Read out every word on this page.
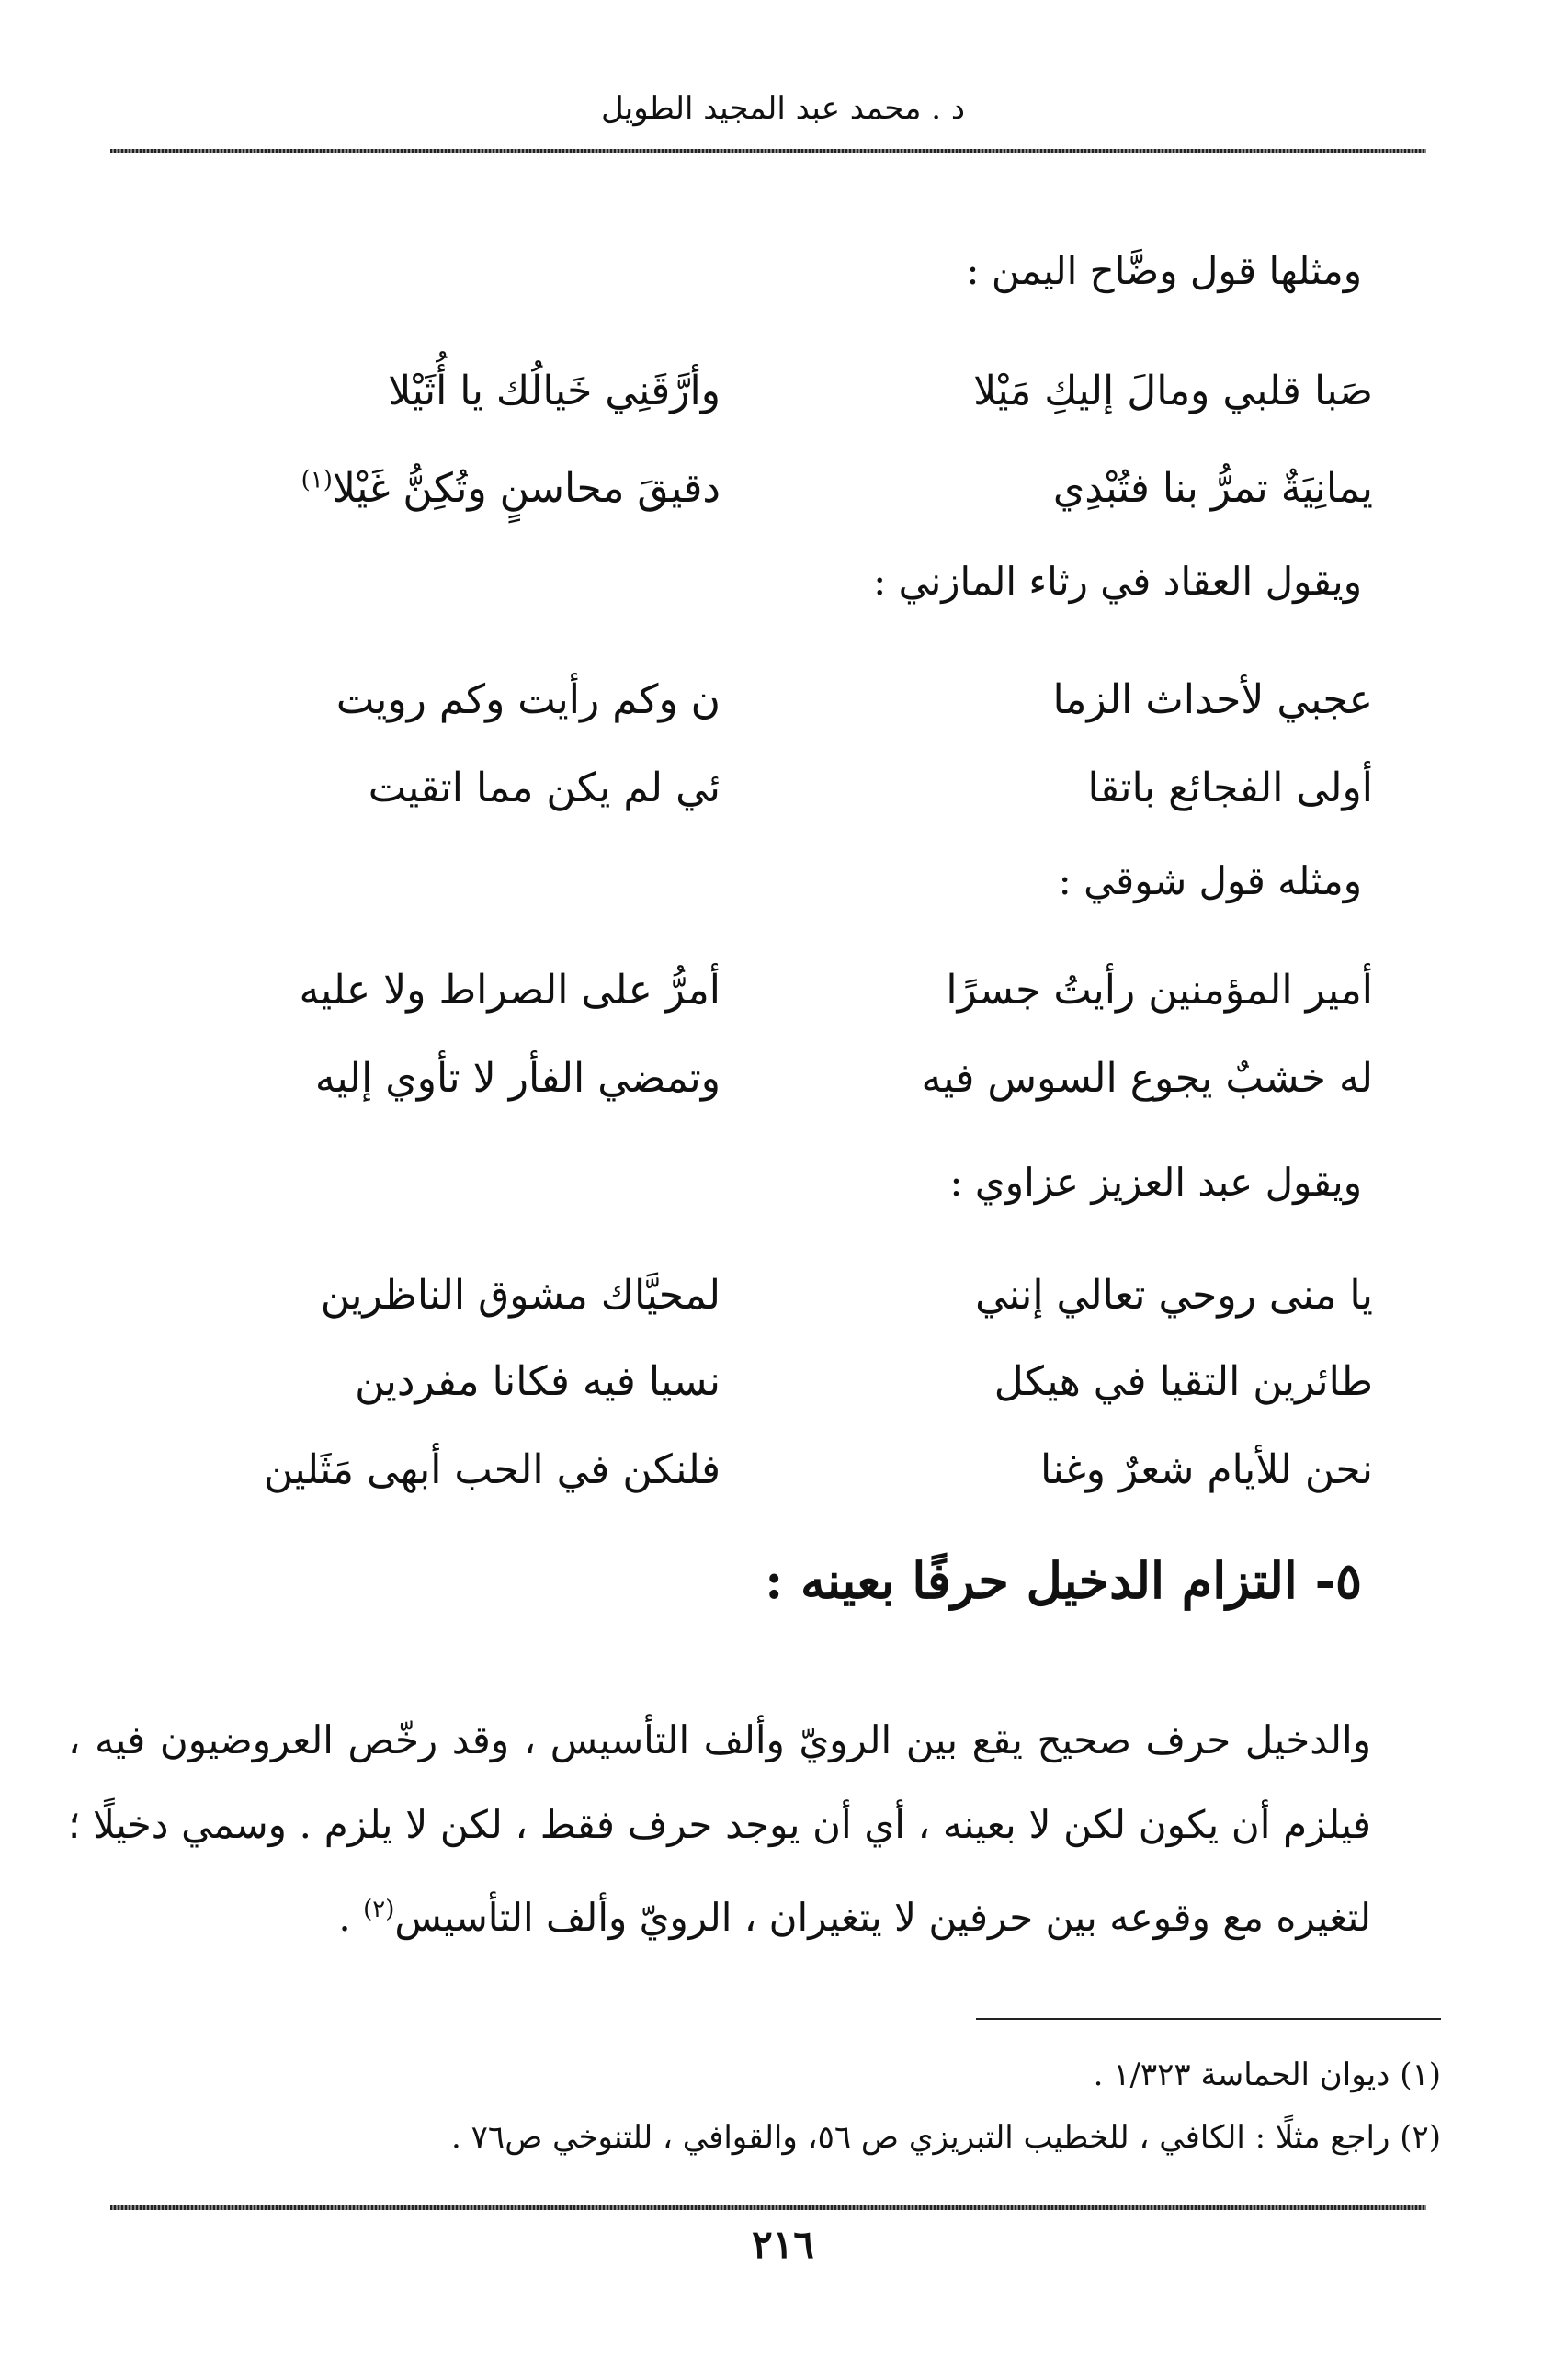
د . محمد عبد المجيد الطويل
ومثلها قول وضَّاح اليمن :
صَبا قلبي ومالَ إليكِ مَيْلا
وأرَّقَنِي خَيالُك يا أُثَيْلا
يمانِيَةٌ تمرُّ بنا فتُبْدِي
دقيقَ محاسنٍ وتُكِنُّ غَيْلا$^{(١)}$
ويقول العقاد في رثاء المازني :
عجبي لأحداث الزما
ن وكم رأيت وكم رويت
أولى الفجائع باتقا
ئي لم يكن مما اتقيت
ومثله قول شوقي :
أمير المؤمنين رأيتُ جسرًا
أمرُّ على الصراط ولا عليه
له خشبٌ يجوع السوس فيه
وتمضي الفأر لا تأوي إليه
ويقول عبد العزيز عزاوي :
يا منى روحي تعالي إنني
لمحيَّاك مشوق الناظرين
طائرين التقيا في هيكل
نسيا فيه فكانا مفردين
نحن للأيام شعرٌ وغنا
فلنكن في الحب أبهى مَثَلين
٥- التزام الدخيل حرفًا بعينه :
والدخيل حرف صحيح يقع بين الرويّ وألف التأسيس ، وقد رخّص العروضيون فيه ، فيلزم أن يكون لكن لا بعينه ، أي أن يوجد حرف فقط ، لكن لا يلزم . وسمي دخيلًا ؛ لتغيره مع وقوعه بين حرفين لا يتغيران ، الرويّ وألف التأسيس$^{(٢)}$ .
(١) ديوان الحماسة ١/٣٢٣ .
(٢) راجع مثلًا : الكافي ، للخطيب التبريزي ص ٥٦، والقوافي ، للتنوخي ص٧٦ .
٢١٦
